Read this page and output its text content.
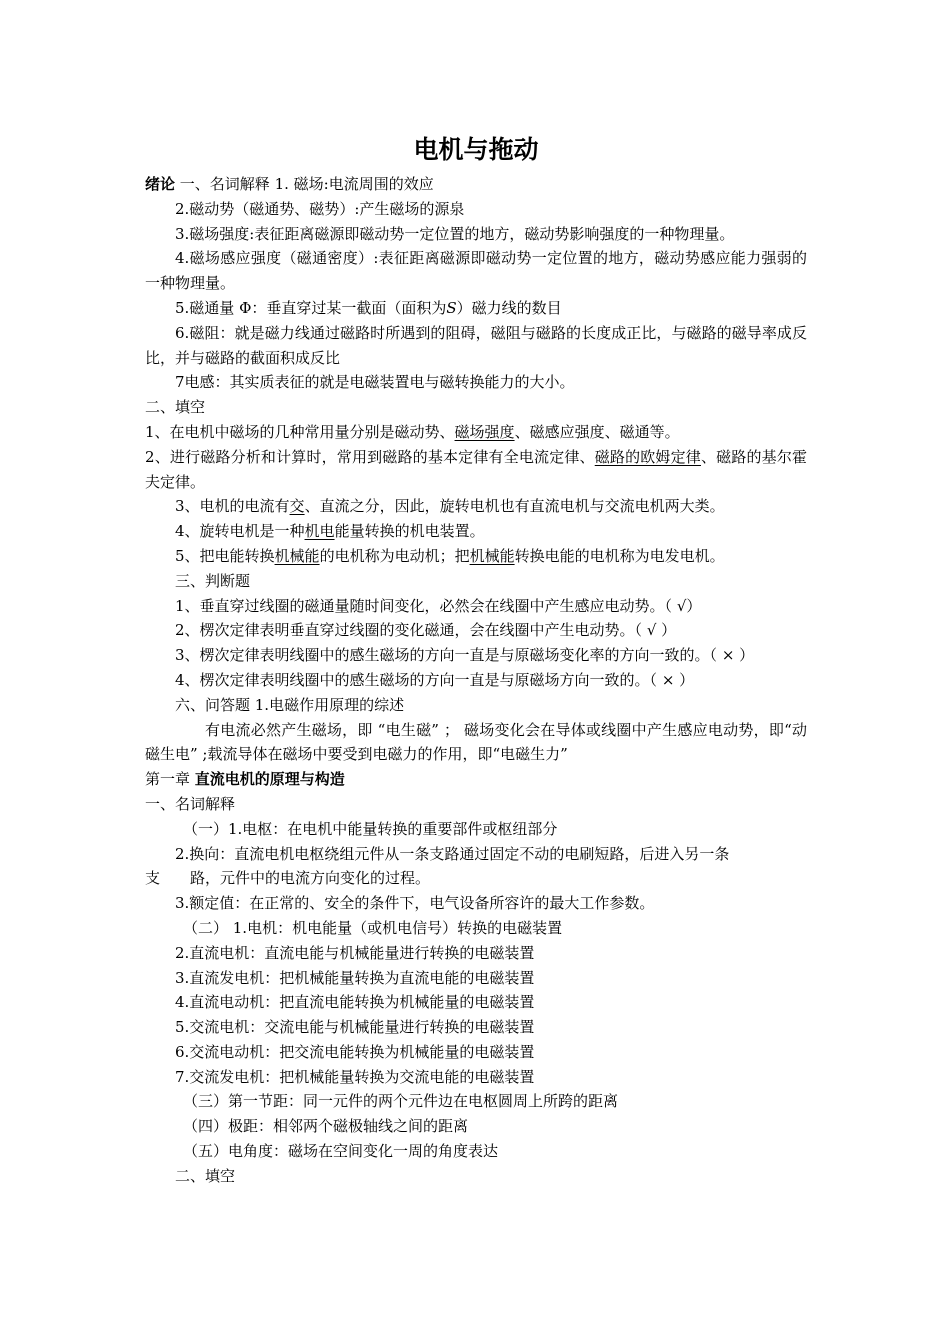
电机与拖动

绪论 一、名词解释 1. 磁场:电流周围的效应

2.磁动势（磁通势、磁势）:产生磁场的源泉

3.磁场强度:表征距离磁源即磁动势一定位置的地方，磁动势影响强度的一种物理量。

4.磁场感应强度（磁通密度）:表征距离磁源即磁动势一定位置的地方，磁动势感应能力强弱的一种物理量。

5.磁通量 Φ：垂直穿过某一截面（面积为S）磁力线的数目

6.磁阻：就是磁力线通过磁路时所遇到的阻碍，磁阻与磁路的长度成正比，与磁路的磁导率成反比，并与磁路的截面积成反比

7电感：其实质表征的就是电磁装置电与磁转换能力的大小。

二、填空

1、在电机中磁场的几种常用量分别是磁动势、磁场强度、磁感应强度、磁通等。

2、进行磁路分析和计算时，常用到磁路的基本定律有全电流定律、磁路的欧姆定律、磁路的基尔霍夫定律。

3、电机的电流有交、直流之分，因此，旋转电机也有直流电机与交流电机两大类。

4、旋转电机是一种机电能量转换的机电装置。

5、把电能转换机械能的电机称为电动机；把机械能转换电能的电机称为电发电机。

三、判断题

1、垂直穿过线圈的磁通量随时间变化，必然会在线圈中产生感应电动势。（ √）

2、楞次定律表明垂直穿过线圈的变化磁通，会在线圈中产生电动势。（ √ ）

3、楞次定律表明线圈中的感生磁场的方向一直是与原磁场变化率的方向一致的。（ × ）

4、楞次定律表明线圈中的感生磁场的方向一直是与原磁场方向一致的。（ × ）

六、问答题 1.电磁作用原理的综述

有电流必然产生磁场，即 “电生磁” ； 磁场变化会在导体或线圈中产生感应电动势，即“动磁生电” ;载流导体在磁场中要受到电磁力的作用，即“电磁生力”

第一章 直流电机的原理与构造

一、名词解释

（一）1.电枢：在电机中能量转换的重要部件或枢纽部分

2.换向：直流电机电枢绕组元件从一条支路通过固定不动的电刷短路，后进入另一条

支 路，元件中的电流方向变化的过程。

3.额定值：在正常的、安全的条件下，电气设备所容许的最大工作参数。

（二） 1.电机：机电能量（或机电信号）转换的电磁装置

2.直流电机：直流电能与机械能量进行转换的电磁装置

3.直流发电机：把机械能量转换为直流电能的电磁装置

4.直流电动机：把直流电能转换为机械能量的电磁装置

5.交流电机：交流电能与机械能量进行转换的电磁装置

6.交流电动机：把交流电能转换为机械能量的电磁装置

7.交流发电机：把机械能量转换为交流电能的电磁装置

（三）第一节距：同一元件的两个元件边在电枢圆周上所跨的距离

（四）极距：相邻两个磁极轴线之间的距离

（五）电角度：磁场在空间变化一周的角度表达

二、填空
